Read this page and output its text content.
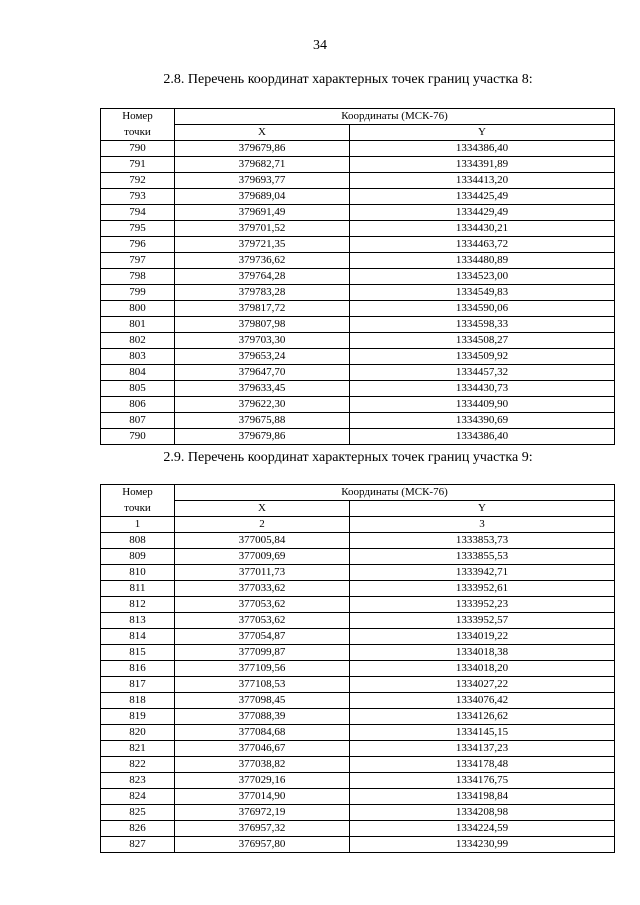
34
2.8. Перечень координат характерных точек границ участка 8:
Номер	Координаты (МСК-76)	
точки	X	Y
790	379679,86	1334386,40
791	379682,71	1334391,89
792	379693,77	1334413,20
793	379689,04	1334425,49
794	379691,49	1334429,49
795	379701,52	1334430,21
796	379721,35	1334463,72
797	379736,62	1334480,89
798	379764,28	1334523,00
799	379783,28	1334549,83
800	379817,72	1334590,06
801	379807,98	1334598,33
802	379703,30	1334508,27
803	379653,24	1334509,92
804	379647,70	1334457,32
805	379633,45	1334430,73
806	379622,30	1334409,90
807	379675,88	1334390,69
790	379679,86	1334386,40
2.9. Перечень координат характерных точек границ участка 9:
Номер	Координаты (МСК-76)	
точки	X	Y
1	2	3
808	377005,84	1333853,73
809	377009,69	1333855,53
810	377011,73	1333942,71
811	377033,62	1333952,61
812	377053,62	1333952,23
813	377053,62	1333952,57
814	377054,87	1334019,22
815	377099,87	1334018,38
816	377109,56	1334018,20
817	377108,53	1334027,22
818	377098,45	1334076,42
819	377088,39	1334126,62
820	377084,68	1334145,15
821	377046,67	1334137,23
822	377038,82	1334178,48
823	377029,16	1334176,75
824	377014,90	1334198,84
825	376972,19	1334208,98
826	376957,32	1334224,59
827	376957,80	1334230,99
